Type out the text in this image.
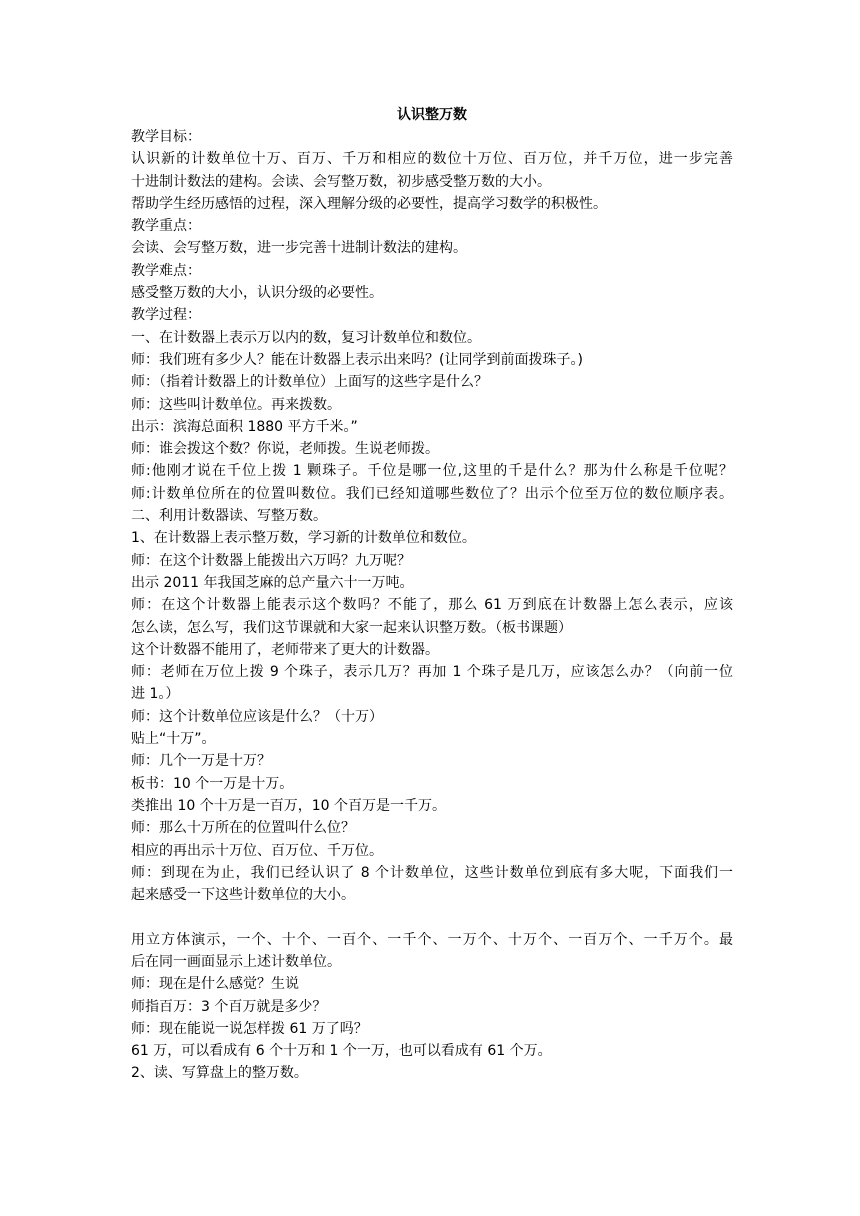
认识整万数
教学目标：
认识新的计数单位十万、百万、千万和相应的数位十万位、百万位，并千万位，进一步完善
十进制计数法的建构。会读、会写整万数，初步感受整万数的大小。
帮助学生经历感悟的过程，深入理解分级的必要性，提高学习数学的积极性。
教学重点：
会读、会写整万数，进一步完善十进制计数法的建构。
教学难点：
感受整万数的大小，认识分级的必要性。
教学过程：
一、在计数器上表示万以内的数，复习计数单位和数位。
师：我们班有多少人？能在计数器上表示出来吗？(让同学到前面拨珠子。)
师：（指着计数器上的计数单位）上面写的这些字是什么？
师：这些叫计数单位。再来拨数。
出示：滨海总面积 1880 平方千米。”
师：谁会拨这个数？你说，老师拨。生说老师拨。
师:他刚才说在千位上拨 1 颗珠子。千位是哪一位,这里的千是什么？那为什么称是千位呢？
师:计数单位所在的位置叫数位。我们已经知道哪些数位了？出示个位至万位的数位顺序表。
二、利用计数器读、写整万数。
1、在计数器上表示整万数，学习新的计数单位和数位。
师：在这个计数器上能拨出六万吗？九万呢？
出示 2011 年我国芝麻的总产量六十一万吨。
师：在这个计数器上能表示这个数吗？不能了，那么 61 万到底在计数器上怎么表示，应该
怎么读，怎么写，我们这节课就和大家一起来认识整万数。（板书课题）
这个计数器不能用了，老师带来了更大的计数器。
师：老师在万位上拨 9 个珠子，表示几万？再加 1 个珠子是几万，应该怎么办？（向前一位
进 1。）
师：这个计数单位应该是什么？（十万）
贴上“十万”。
师：几个一万是十万？
板书：10 个一万是十万。
类推出 10 个十万是一百万，10 个百万是一千万。
师：那么十万所在的位置叫什么位？
相应的再出示十万位、百万位、千万位。
师：到现在为止，我们已经认识了 8 个计数单位，这些计数单位到底有多大呢，下面我们一
起来感受一下这些计数单位的大小。
用立方体演示，一个、十个、一百个、一千个、一万个、十万个、一百万个、一千万个。最
后在同一画面显示上述计数单位。
师：现在是什么感觉？生说
师指百万：3 个百万就是多少？
师：现在能说一说怎样拨 61 万了吗？
61 万，可以看成有 6 个十万和 1 个一万，也可以看成有 61 个万。
2、读、写算盘上的整万数。
